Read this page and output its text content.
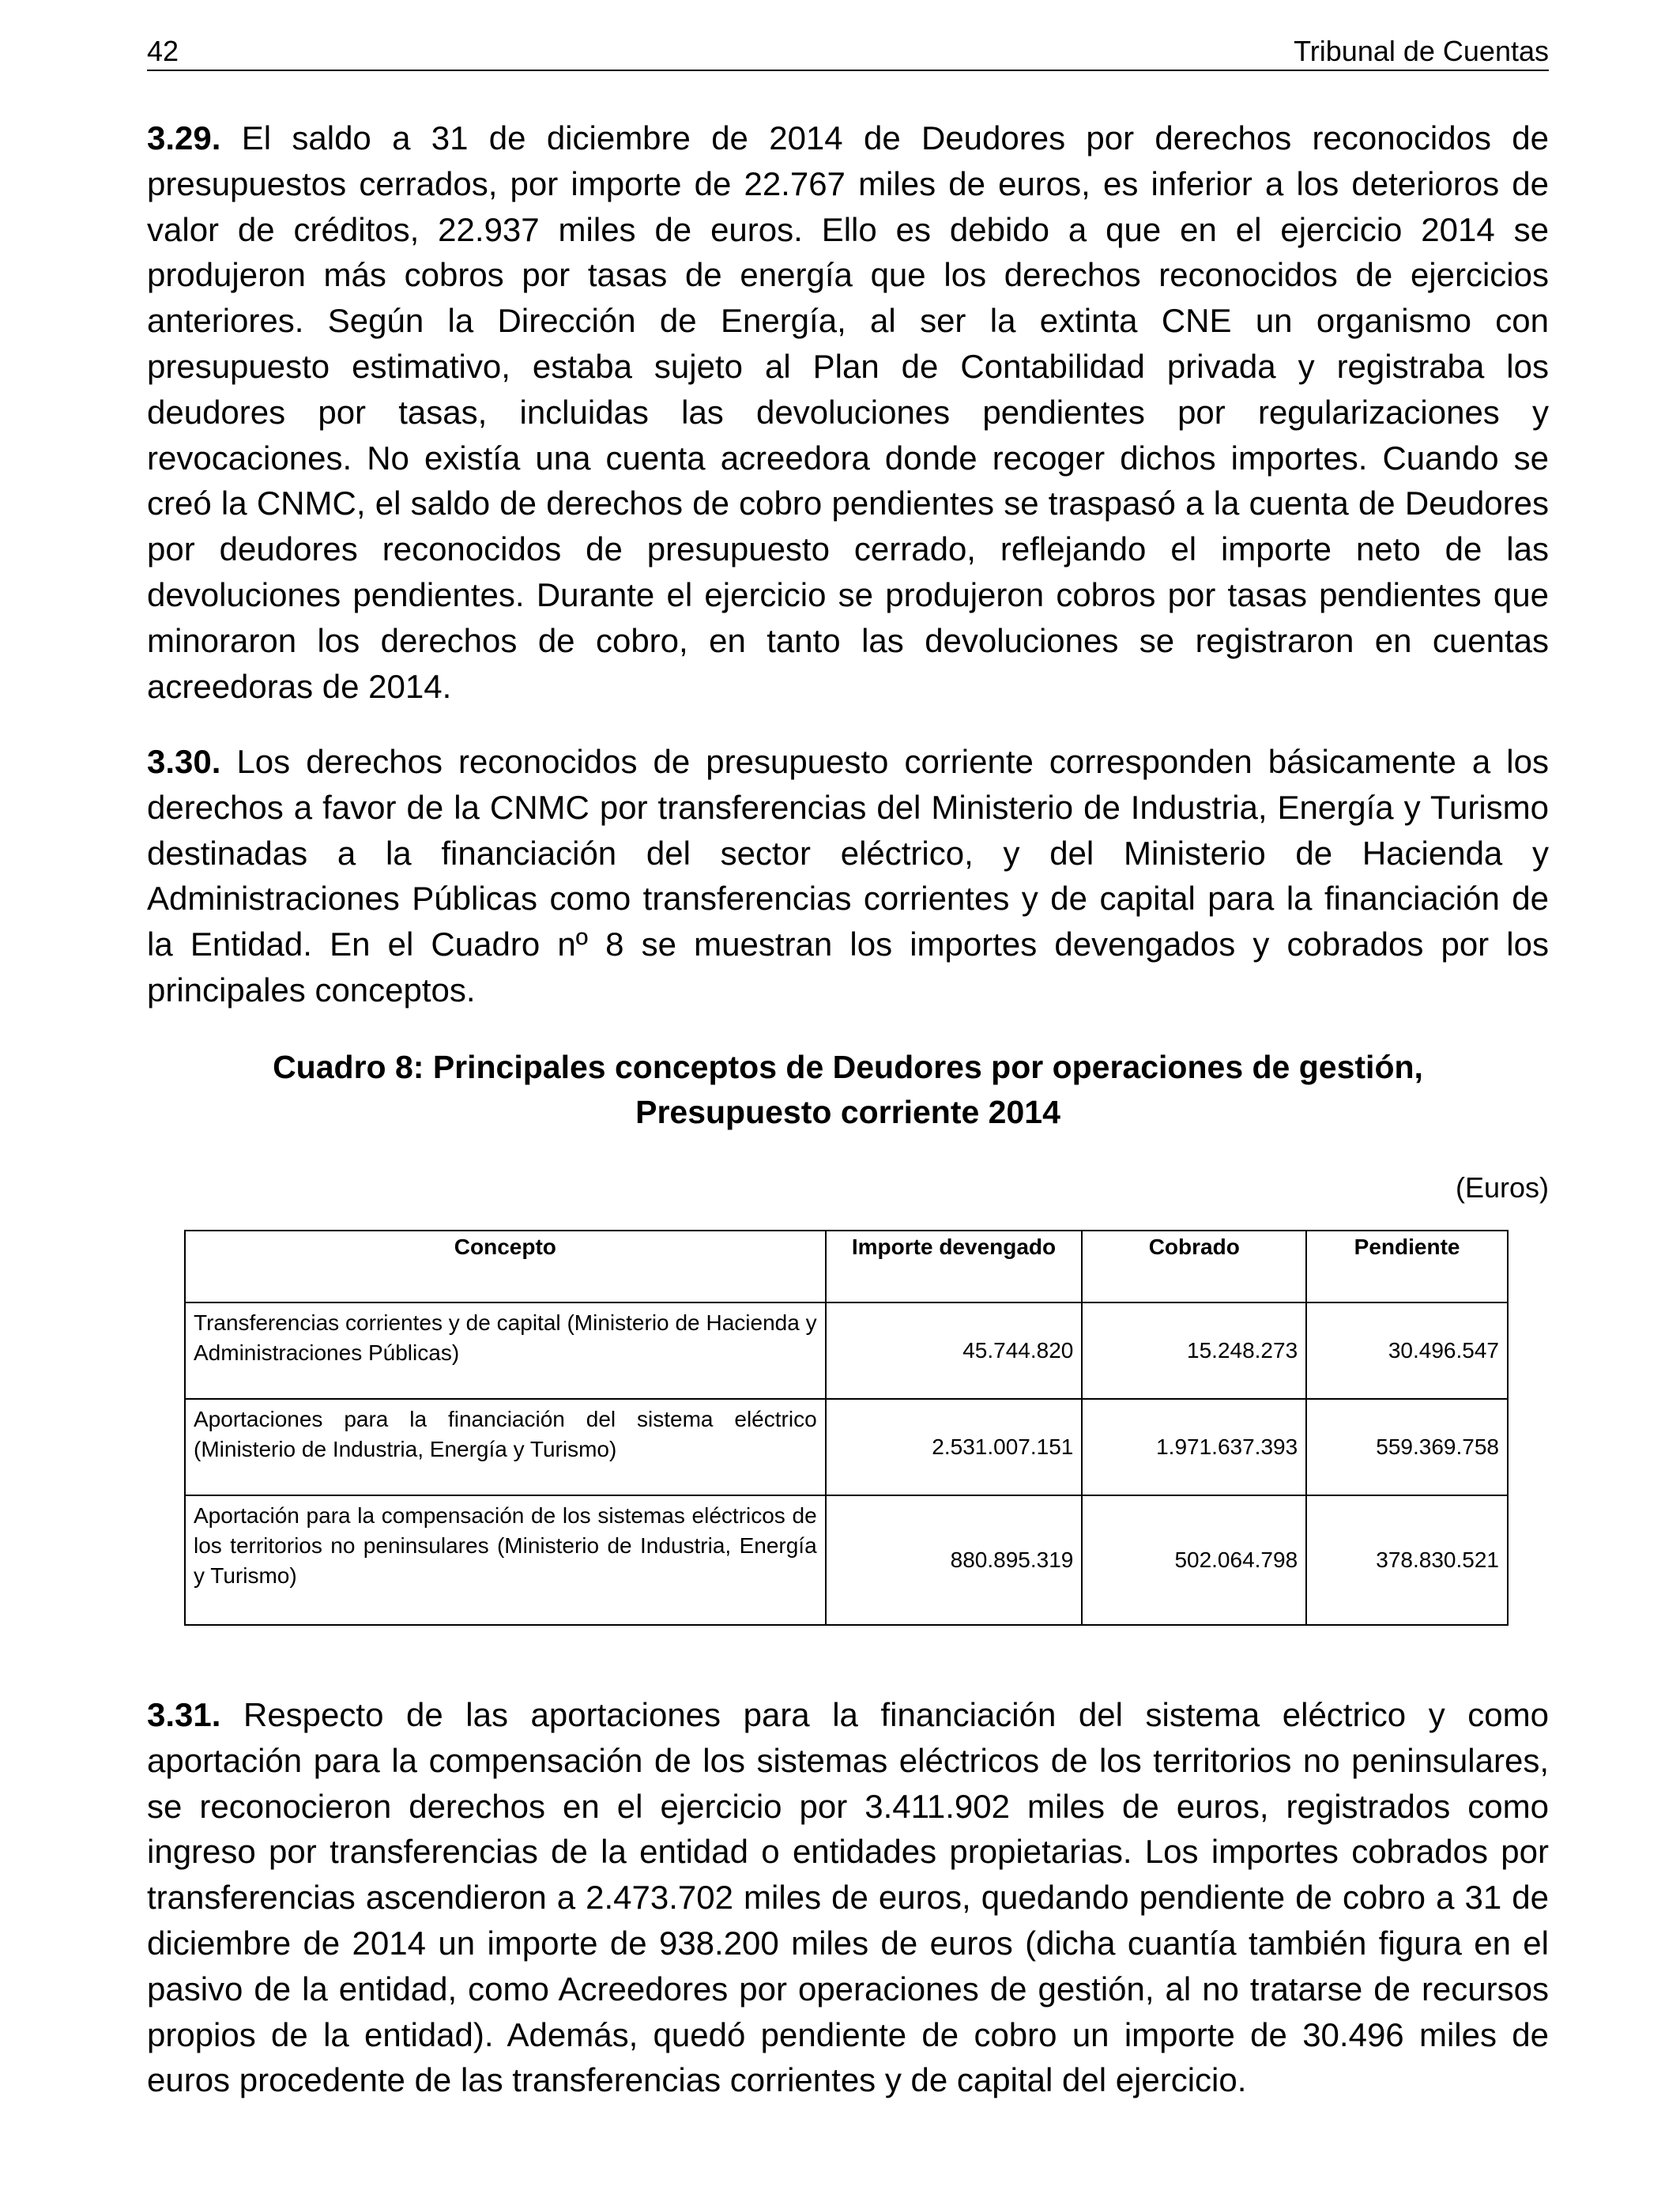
42	Tribunal de Cuentas

3.29. El saldo a 31 de diciembre de 2014 de Deudores por derechos reconocidos de presupuestos cerrados, por importe de 22.767 miles de euros, es inferior a los deterioros de valor de créditos, 22.937 miles de euros. Ello es debido a que en el ejercicio 2014 se produjeron más cobros por tasas de energía que los derechos reconocidos de ejercicios anteriores. Según la Dirección de Energía, al ser la extinta CNE un organismo con presupuesto estimativo, estaba sujeto al Plan de Contabilidad privada y registraba los deudores por tasas, incluidas las devoluciones pendientes por regularizaciones y revocaciones. No existía una cuenta acreedora donde recoger dichos importes. Cuando se creó la CNMC, el saldo de derechos de cobro pendientes se traspasó a la cuenta de Deudores por deudores reconocidos de presupuesto cerrado, reflejando el importe neto de las devoluciones pendientes. Durante el ejercicio se produjeron cobros por tasas pendientes que minoraron los derechos de cobro, en tanto las devoluciones se registraron en cuentas acreedoras de 2014.

3.30. Los derechos reconocidos de presupuesto corriente corresponden básicamente a los derechos a favor de la CNMC por transferencias del Ministerio de Industria, Energía y Turismo destinadas a la financiación del sector eléctrico, y del Ministerio de Hacienda y Administraciones Públicas como transferencias corrientes y de capital para la financiación de la Entidad. En el Cuadro nº 8 se muestran los importes devengados y cobrados por los principales conceptos.

Cuadro 8: Principales conceptos de Deudores por operaciones de gestión,
Presupuesto corriente 2014
(Euros)
Concepto	Importe devengado	Cobrado	Pendiente
Transferencias corrientes y de capital (Ministerio de Hacienda y Administraciones Públicas)	45.744.820	15.248.273	30.496.547
Aportaciones para la financiación del sistema eléctrico (Ministerio de Industria, Energía y Turismo)	2.531.007.151	1.971.637.393	559.369.758
Aportación para la compensación de los sistemas eléctricos de los territorios no peninsulares (Ministerio de Industria, Energía y Turismo)	880.895.319	502.064.798	378.830.521

3.31. Respecto de las aportaciones para la financiación del sistema eléctrico y como aportación para la compensación de los sistemas eléctricos de los territorios no peninsulares, se reconocieron derechos en el ejercicio por 3.411.902 miles de euros, registrados como ingreso por transferencias de la entidad o entidades propietarias. Los importes cobrados por transferencias ascendieron a 2.473.702 miles de euros, quedando pendiente de cobro a 31 de diciembre de 2014 un importe de 938.200 miles de euros (dicha cuantía también figura en el pasivo de la entidad, como Acreedores por operaciones de gestión, al no tratarse de recursos propios de la entidad). Además, quedó pendiente de cobro un importe de 30.496 miles de euros procedente de las transferencias corrientes y de capital del ejercicio.
